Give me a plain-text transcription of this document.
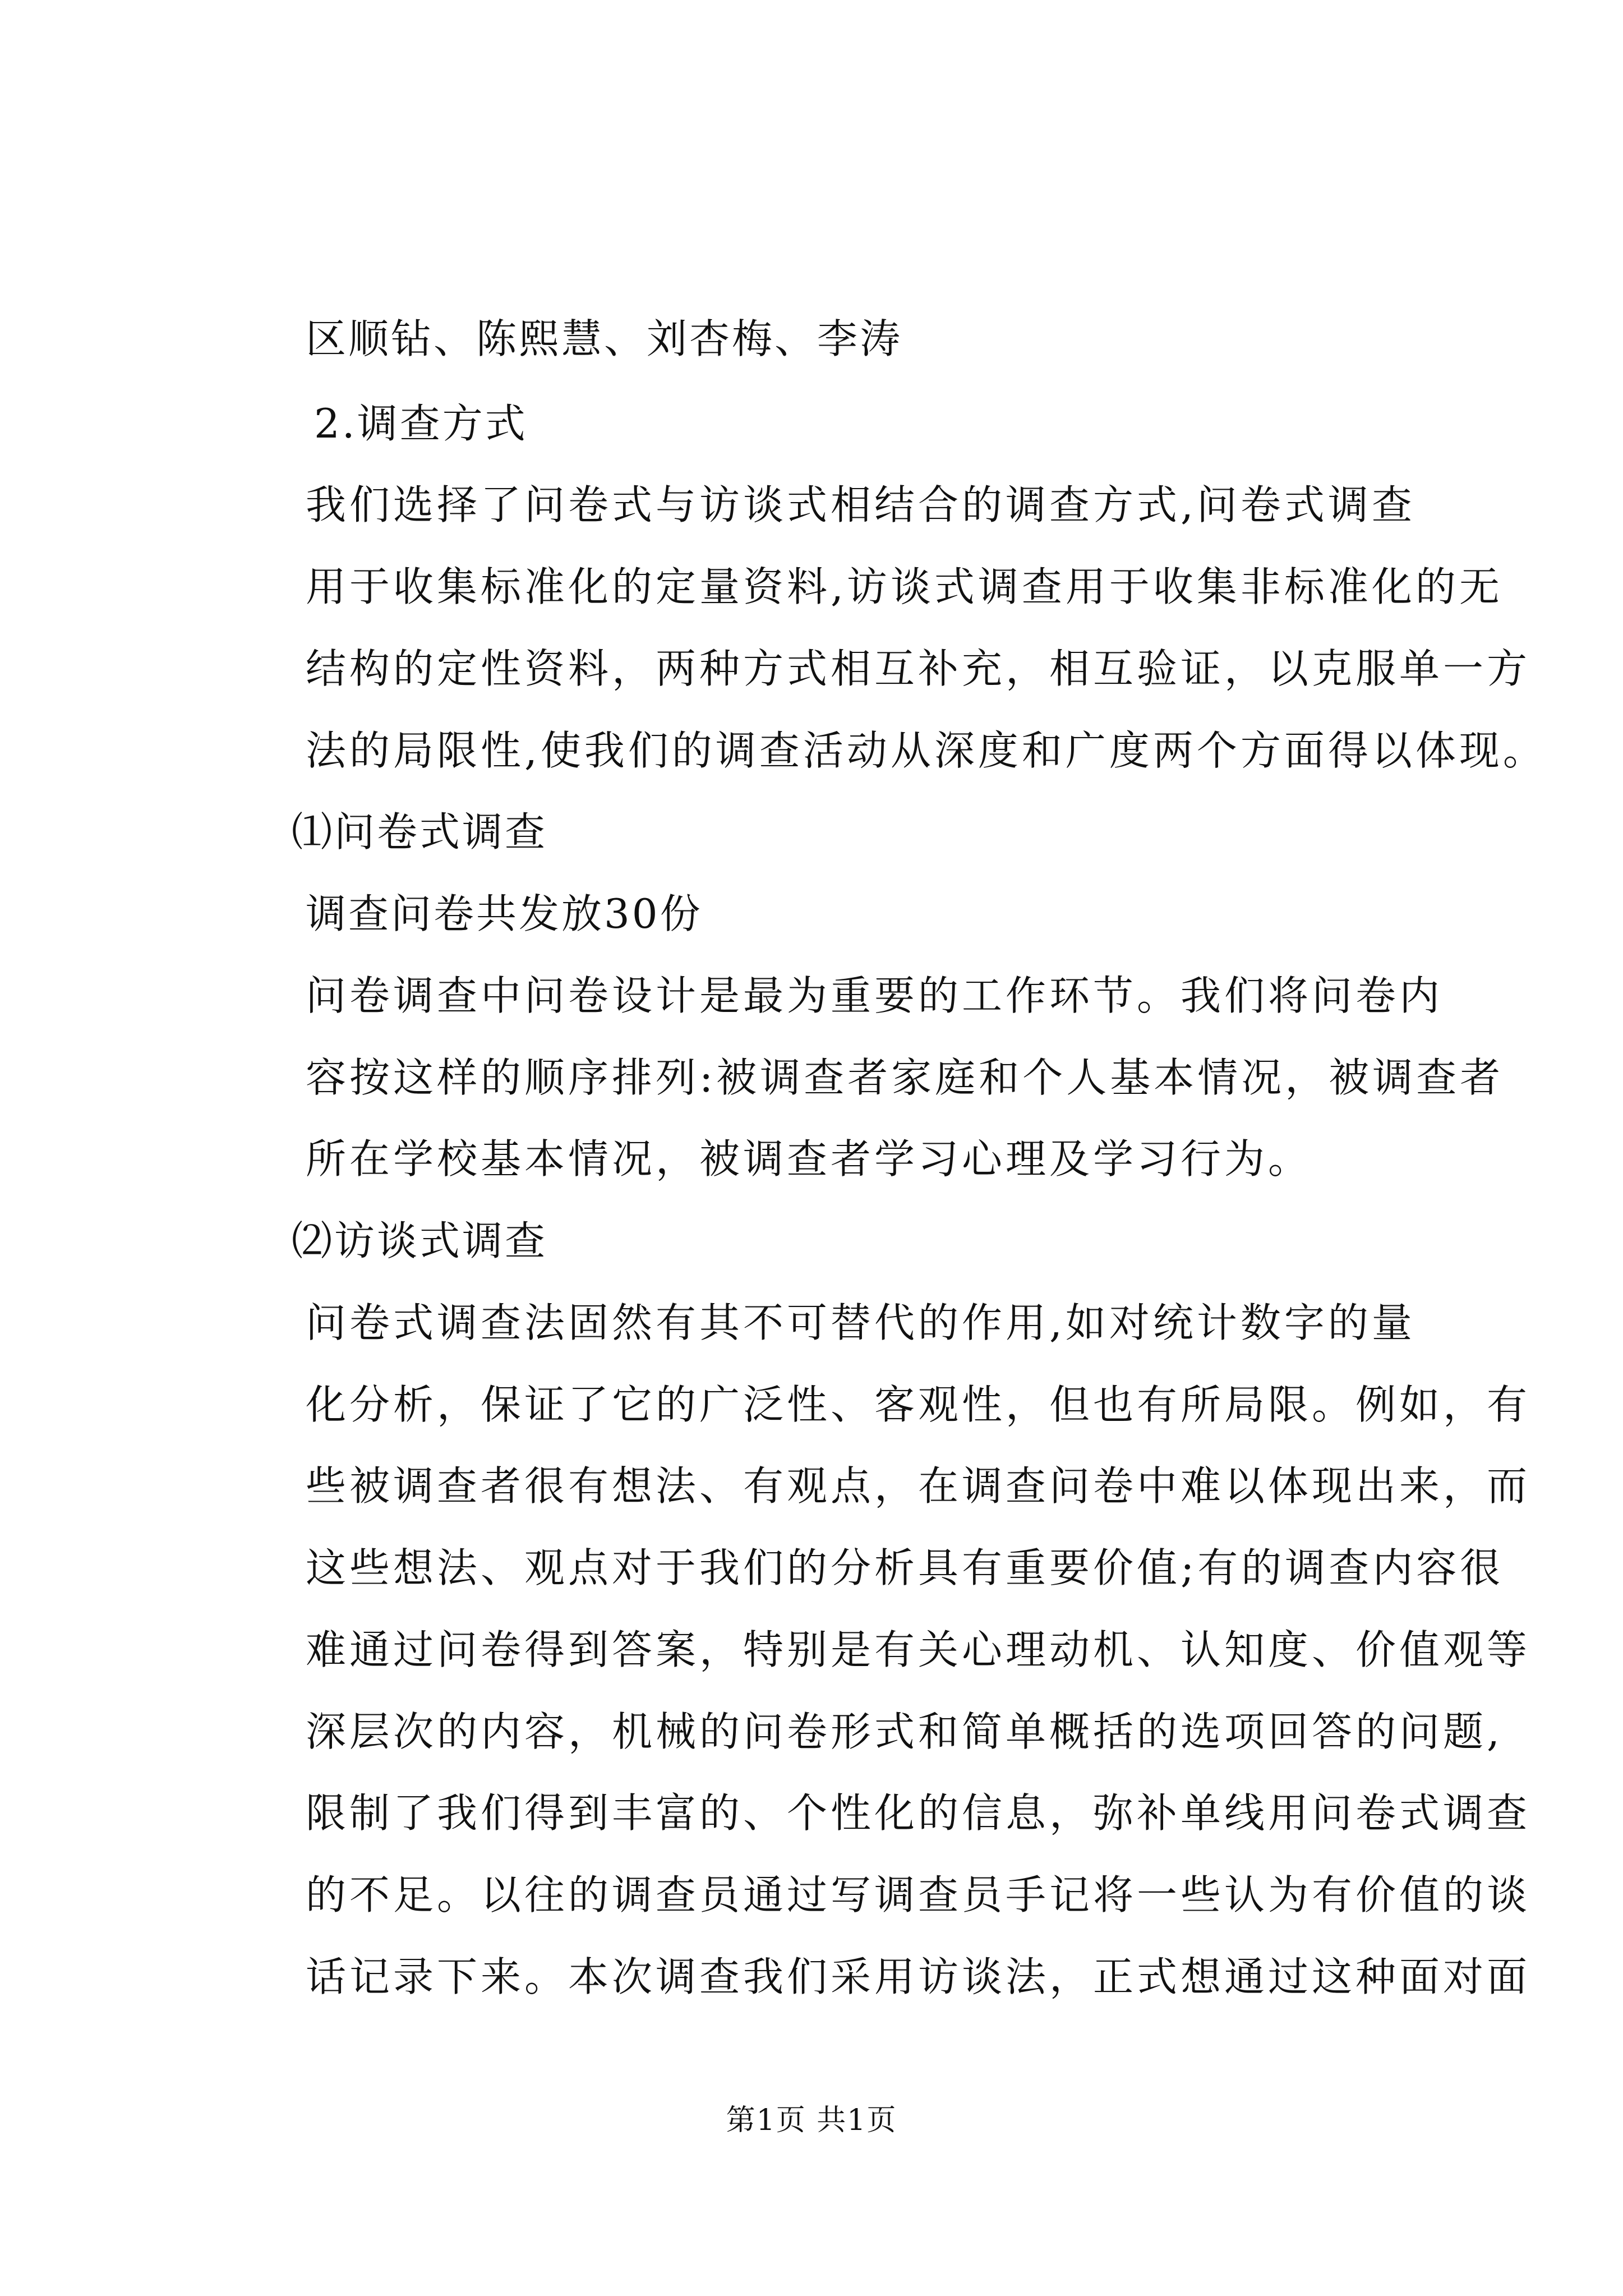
区顺钻、陈熙慧、刘杏梅、李涛
2.调查方式
我们选择了问卷式与访谈式相结合的调查方式,问卷式调查
用于收集标准化的定量资料,访谈式调查用于收集非标准化的无
结构的定性资料，两种方式相互补充，相互验证，以克服单一方
法的局限性,使我们的调查活动从深度和广度两个方面得以体现。
⑴问卷式调查
调查问卷共发放30份
问卷调查中问卷设计是最为重要的工作环节。我们将问卷内
容按这样的顺序排列:被调查者家庭和个人基本情况，被调查者
所在学校基本情况，被调查者学习心理及学习行为。
⑵访谈式调查
问卷式调查法固然有其不可替代的作用,如对统计数字的量
化分析，保证了它的广泛性、客观性，但也有所局限。例如，有
些被调查者很有想法、有观点，在调查问卷中难以体现出来，而
这些想法、观点对于我们的分析具有重要价值;有的调查内容很
难通过问卷得到答案，特别是有关心理动机、认知度、价值观等
深层次的内容，机械的问卷形式和简单概括的选项回答的问题,
限制了我们得到丰富的、个性化的信息，弥补单线用问卷式调查
的不足。以往的调查员通过写调查员手记将一些认为有价值的谈
话记录下来。本次调查我们采用访谈法，正式想通过这种面对面
第1页 共1页
